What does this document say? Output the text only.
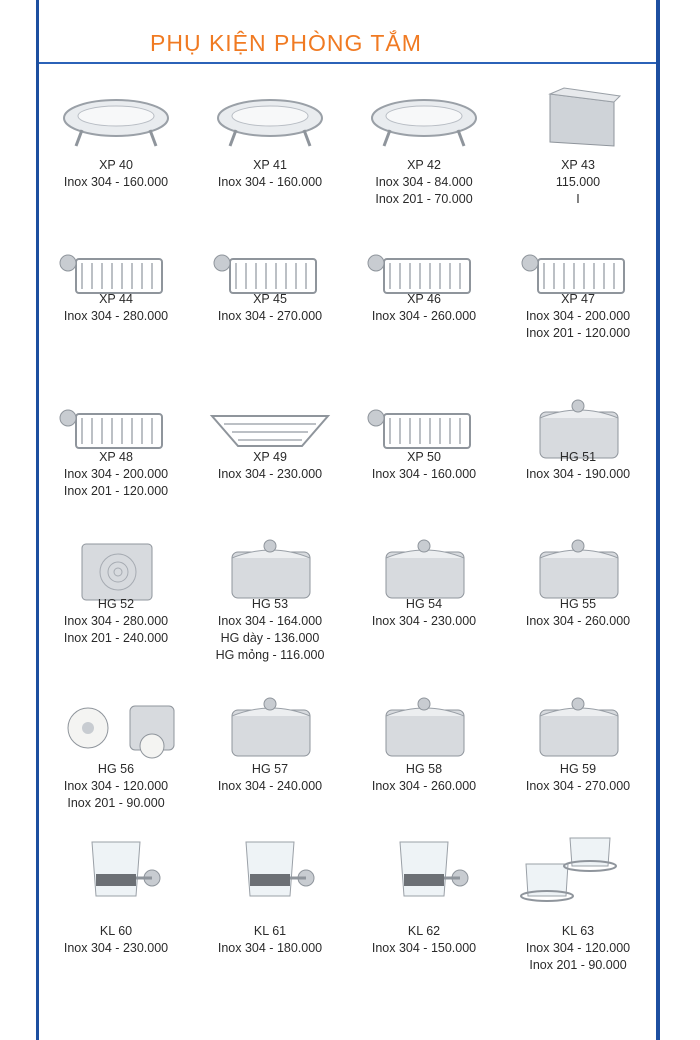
PHỤ KIỆN PHÒNG TẮM
XP 40
Inox 304 - 160.000
XP 41
Inox 304 - 160.000
XP 42
Inox 304 - 84.000
Inox 201 - 70.000
XP 43
115.000
I
XP 44
Inox 304 - 280.000
XP 45
Inox 304 - 270.000
XP 46
Inox 304 - 260.000
XP 47
Inox 304 - 200.000
Inox 201 - 120.000
XP 48
Inox 304 - 200.000
Inox 201 - 120.000
XP 49
Inox 304 - 230.000
XP 50
Inox 304 - 160.000
HG 51
Inox 304 - 190.000
HG 52
Inox 304 - 280.000
Inox 201 - 240.000
HG 53
Inox 304 - 164.000
HG dày - 136.000
HG mỏng - 116.000
HG 54
Inox 304 - 230.000
HG 55
Inox 304 - 260.000
HG 56
Inox 304 - 120.000
Inox 201 - 90.000
HG 57
Inox 304 - 240.000
HG 58
Inox 304 - 260.000
HG 59
Inox 304 - 270.000
KL 60
Inox 304 - 230.000
KL 61
Inox 304 - 180.000
KL 62
Inox 304 - 150.000
KL 63
Inox 304 - 120.000
Inox 201 - 90.000
